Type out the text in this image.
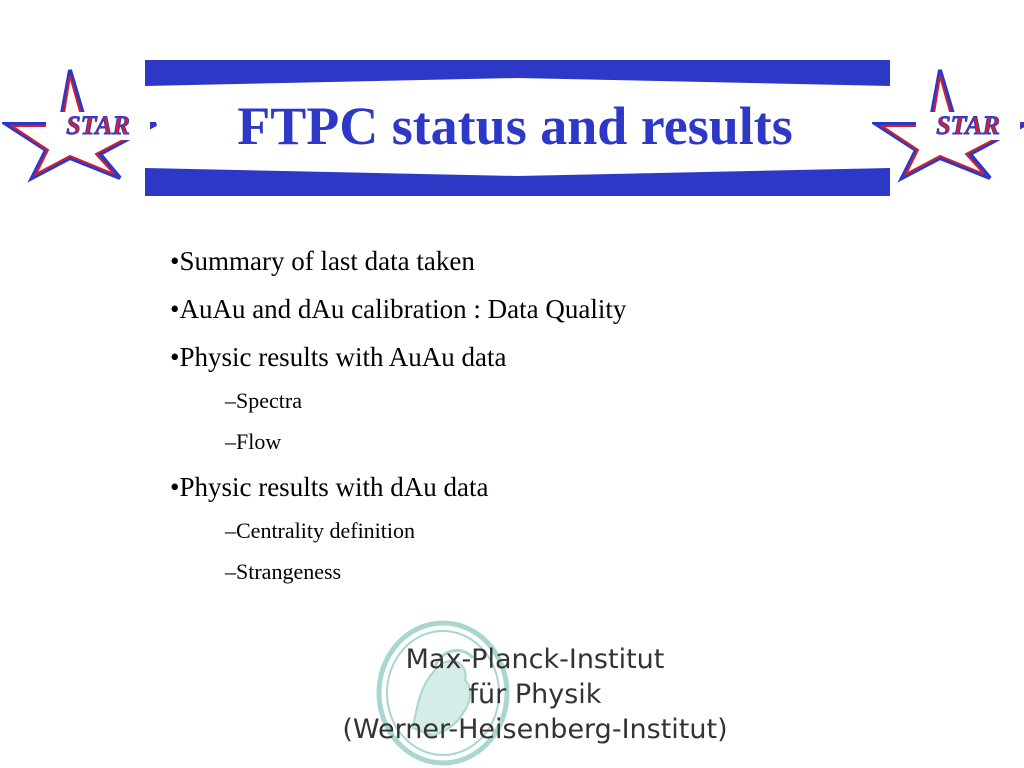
STAR	STAR
FTPC status and results
•Summary of last data taken
•AuAu and dAu calibration : Data Quality
•Physic results with AuAu data
–Spectra
–Flow
•Physic results with dAu data
–Centrality definition
–Strangeness
Max-Planck-Institut
für Physik
(Werner-Heisenberg-Institut)
